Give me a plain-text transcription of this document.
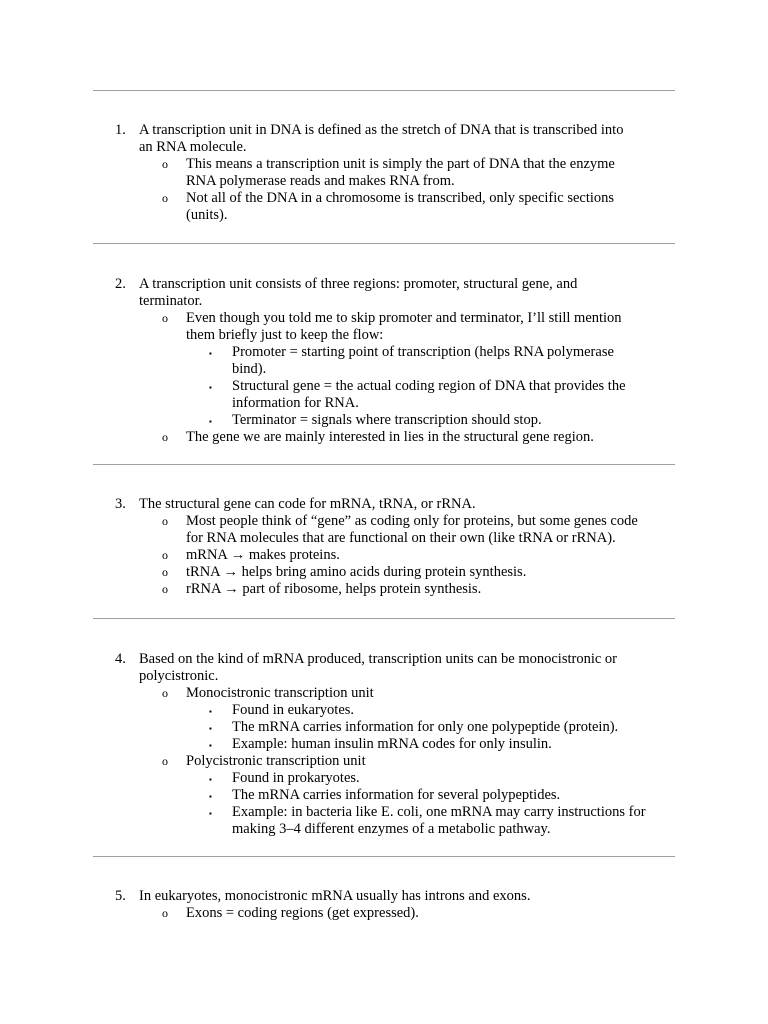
1. A transcription unit in DNA is defined as the stretch of DNA that is transcribed into
an RNA molecule.
o This means a transcription unit is simply the part of DNA that the enzyme
RNA polymerase reads and makes RNA from.
o Not all of the DNA in a chromosome is transcribed, only specific sections
(units).
2. A transcription unit consists of three regions: promoter, structural gene, and
terminator.
o Even though you told me to skip promoter and terminator, I’ll still mention
them briefly just to keep the flow:
▪ Promoter = starting point of transcription (helps RNA polymerase
bind).
▪ Structural gene = the actual coding region of DNA that provides the
information for RNA.
▪ Terminator = signals where transcription should stop.
o The gene we are mainly interested in lies in the structural gene region.
3. The structural gene can code for mRNA, tRNA, or rRNA.
o Most people think of “gene” as coding only for proteins, but some genes code
for RNA molecules that are functional on their own (like tRNA or rRNA).
o mRNA → makes proteins.
o tRNA → helps bring amino acids during protein synthesis.
o rRNA → part of ribosome, helps protein synthesis.
4. Based on the kind of mRNA produced, transcription units can be monocistronic or
polycistronic.
o Monocistronic transcription unit
▪ Found in eukaryotes.
▪ The mRNA carries information for only one polypeptide (protein).
▪ Example: human insulin mRNA codes for only insulin.
o Polycistronic transcription unit
▪ Found in prokaryotes.
▪ The mRNA carries information for several polypeptides.
▪ Example: in bacteria like E. coli, one mRNA may carry instructions for
making 3–4 different enzymes of a metabolic pathway.
5. In eukaryotes, monocistronic mRNA usually has introns and exons.
o Exons = coding regions (get expressed).
